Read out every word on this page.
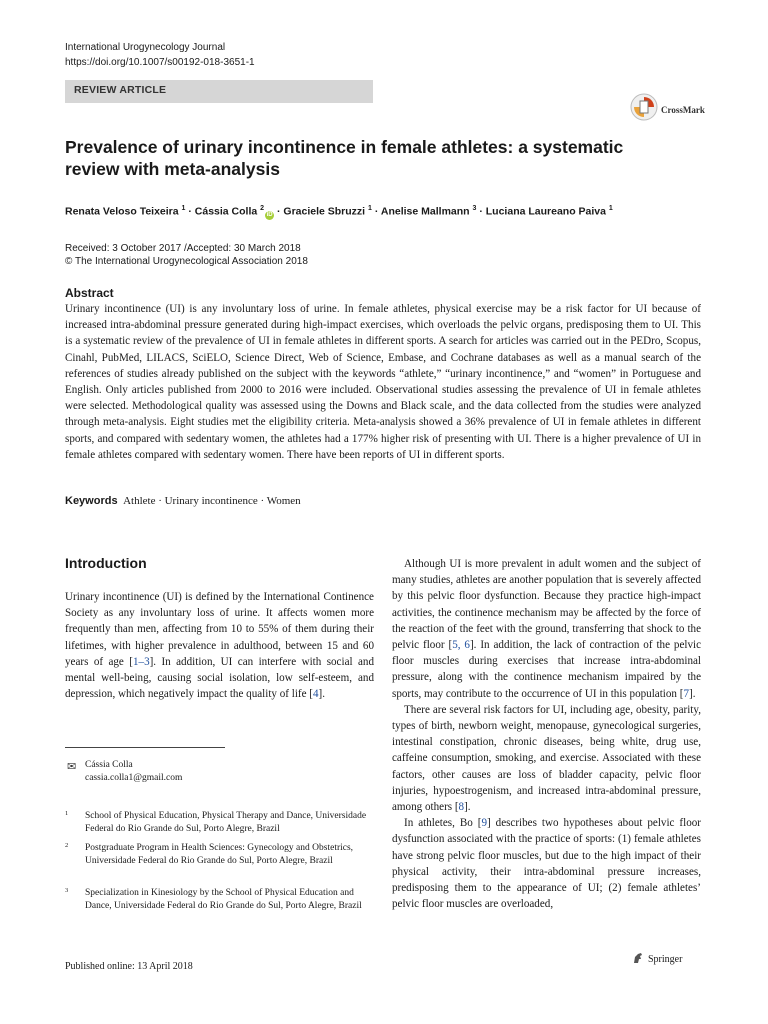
International Urogynecology Journal
https://doi.org/10.1007/s00192-018-3651-1
REVIEW ARTICLE
CrossMark
Prevalence of urinary incontinence in female athletes: a systematic review with meta-analysis
Renata Veloso Teixeira $^1$ · Cássia Colla $^2$iD · Graciele Sbruzzi $^1$ · Anelise Mallmann $^3$ · Luciana Laureano Paiva $^1$
Received: 3 October 2017 /Accepted: 30 March 2018
© The International Urogynecological Association 2018
Abstract
Urinary incontinence (UI) is any involuntary loss of urine. In female athletes, physical exercise may be a risk factor for UI because of increased intra-abdominal pressure generated during high-impact exercises, which overloads the pelvic organs, predisposing them to UI. This is a systematic review of the prevalence of UI in female athletes in different sports. A search for articles was carried out in the PEDro, Scopus, Cinahl, PubMed, LILACS, SciELO, Science Direct, Web of Science, Embase, and Cochrane databases as well as a manual search of the references of studies already published on the subject with the keywords “athlete,” “urinary incontinence,” and “women” in Portuguese and English. Only articles published from 2000 to 2016 were included. Observational studies assessing the prevalence of UI in female athletes were selected. Methodological quality was assessed using the Downs and Black scale, and the data collected from the studies were analyzed through meta-analysis. Eight studies met the eligibility criteria. Meta-analysis showed a 36% prevalence of UI in female athletes in different sports, and compared with sedentary women, the athletes had a 177% higher risk of presenting with UI. There is a higher prevalence of UI in female athletes compared with sedentary women. There have been reports of UI in different sports.
Keywords Athlete · Urinary incontinence · Women
Introduction

Urinary incontinence (UI) is defined by the International Continence Society as any involuntary loss of urine. It affects women more frequently than men, affecting from 10 to 55% of them during their lifetimes, with higher prevalence in adulthood, between 15 and 60 years of age [1–3]. In addition, UI can interfere with social and mental well-being, causing social isolation, low self-esteem, and depression, which negatively impact the quality of life [4].

Although UI is more prevalent in adult women and the subject of many studies, athletes are another population that is severely affected by this pelvic floor dysfunction. Because they practice high-impact activities, the continence mechanism may be affected by the force of the reaction of the feet with the ground, transferring that shock to the pelvic floor [5, 6]. In addition, the lack of contraction of the pelvic floor muscles during exercises that increase intra-abdominal pressure, along with the continence mechanism impaired by the sports, may contribute to the occurrence of UI in this population [7].

There are several risk factors for UI, including age, obesity, parity, types of birth, newborn weight, menopause, gynecological surgeries, intestinal constipation, chronic diseases, being white, drug use, caffeine consumption, smoking, and exercise. Associated with these factors, other causes are loss of bladder capacity, pelvic floor injuries, hypoestrogenism, and increased intra-abdominal pressure, among others [8].

In athletes, Bo [9] describes two hypotheses about pelvic floor dysfunction associated with the practice of sports: (1) female athletes have strong pelvic floor muscles, but due to the high impact of their physical activity, their intra-abdominal pressure increases, predisposing them to the appearance of UI; (2) female athletes’ pelvic floor muscles are overloaded,

✉ Cássia Colla
cassia.colla1@gmail.com
1 School of Physical Education, Physical Therapy and Dance, Universidade Federal do Rio Grande do Sul, Porto Alegre, Brazil
2 Postgraduate Program in Health Sciences: Gynecology and Obstetrics, Universidade Federal do Rio Grande do Sul, Porto Alegre, Brazil
3 Specialization in Kinesiology by the School of Physical Education and Dance, Universidade Federal do Rio Grande do Sul, Porto Alegre, Brazil
Published online: 13 April 2018
Springer
